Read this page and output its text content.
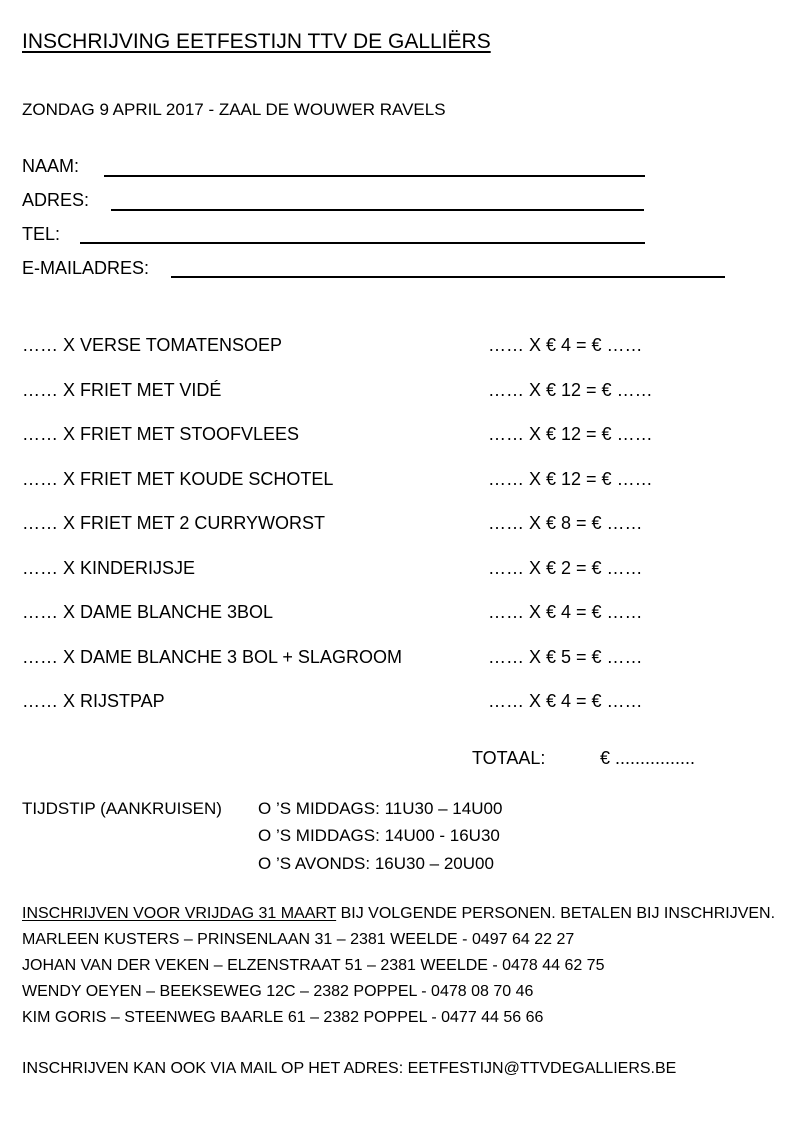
INSCHRIJVING EETFESTIJN TTV DE GALLIËRS
ZONDAG 9 APRIL 2017 - ZAAL DE WOUWER RAVELS
NAAM:
ADRES:
TEL:
E-MAILADRES:
…… X VERSE TOMATENSOEP	…… X € 4 = € ……
…… X FRIET MET VIDÉ	…… X € 12 = € ……
…… X FRIET MET STOOFVLEES	…… X € 12 = € ……
…… X FRIET MET KOUDE SCHOTEL	…… X € 12 = € ……
…… X FRIET MET 2 CURRYWORST	…… X € 8 = € ……
…… X KINDERIJSJE	…… X € 2 = € ……
…… X DAME BLANCHE 3BOL	…… X € 4 = € ……
…… X DAME BLANCHE 3 BOL + SLAGROOM	…… X € 5 = € ……
…… X RIJSTPAP	…… X € 4 = € ……
TOTAAL:	€ ................
TIJDSTIP (AANKRUISEN) O ’S MIDDAGS: 11U30 – 14U00
O ’S MIDDAGS: 14U00 - 16U30
O ’S AVONDS: 16U30 – 20U00
INSCHRIJVEN VOOR VRIJDAG 31 MAART BIJ VOLGENDE PERSONEN. BETALEN BIJ INSCHRIJVEN.
MARLEEN KUSTERS – PRINSENLAAN 31 – 2381 WEELDE - 0497 64 22 27
JOHAN VAN DER VEKEN – ELZENSTRAAT 51 – 2381 WEELDE - 0478 44 62 75
WENDY OEYEN – BEEKSEWEG 12C – 2382 POPPEL - 0478 08 70 46
KIM GORIS – STEENWEG BAARLE 61 – 2382 POPPEL - 0477 44 56 66
INSCHRIJVEN KAN OOK VIA MAIL OP HET ADRES: EETFESTIJN@TTVDEGALLIERS.BE
